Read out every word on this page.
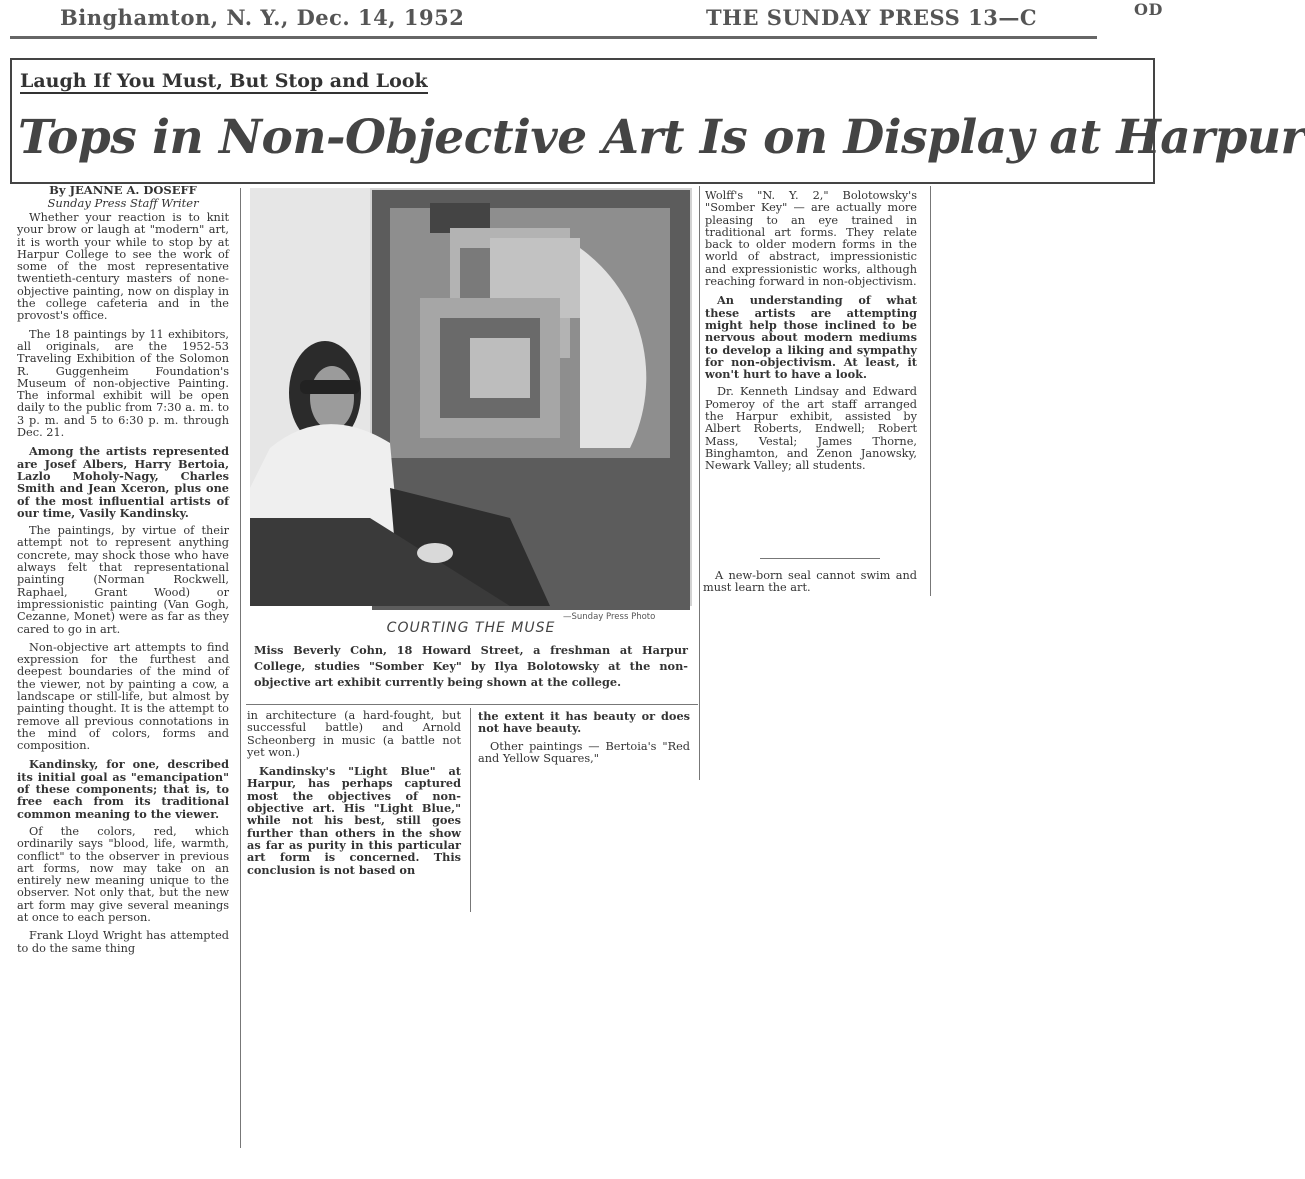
Binghamton, N. Y., Dec. 14, 1952	THE SUNDAY PRESS 13—C	OD
Laugh If You Must, But Stop and Look
Tops in Non-Objective Art Is on Display at Harpur
By JEANNE A. DOSEFF
Sunday Press Staff Writer

Whether your reaction is to knit your brow or laugh at "modern" art, it is worth your while to stop by at Harpur College to see the work of some of the most representative twentieth-century masters of none-objective painting, now on display in the college cafeteria and in the provost's office.

The 18 paintings by 11 exhibitors, all originals, are the 1952-53 Traveling Exhibition of the Solomon R. Guggenheim Foundation's Museum of non-objective Painting. The informal exhibit will be open daily to the public from 7:30 a. m. to 3 p. m. and 5 to 6:30 p. m. through Dec. 21.

Among the artists represented are Josef Albers, Harry Bertoia, Lazlo Moholy-Nagy, Charles Smith and Jean Xceron, plus one of the most influential artists of our time, Vasily Kandinsky.

The paintings, by virtue of their attempt not to represent anything concrete, may shock those who have always felt that representational painting (Norman Rockwell, Raphael, Grant Wood) or impressionistic painting (Van Gogh, Cezanne, Monet) were as far as they cared to go in art.

Non-objective art attempts to find expression for the furthest and deepest boundaries of the mind of the viewer, not by painting a cow, a landscape or still-life, but almost by painting thought. It is the attempt to remove all previous connotations in the mind of colors, forms and composition.

Kandinsky, for one, described its initial goal as "emancipation" of these components; that is, to free each from its traditional common meaning to the viewer.

Of the colors, red, which ordinarily says "blood, life, warmth, conflict" to the observer in previous art forms, now may take on an entirely new meaning unique to the observer. Not only that, but the new art form may give several meanings at once to each person.

Frank Lloyd Wright has attempted to do the same thing

—Sunday Press Photo
COURTING THE MUSE
Miss Beverly Cohn, 18 Howard Street, a freshman at Harpur College, studies "Somber Key" by Ilya Bolotowsky at the non-objective art exhibit currently being shown at the college.

in architecture (a hard-fought, but successful battle) and Arnold Scheonberg in music (a battle not yet won.)

Kandinsky's "Light Blue" at Harpur, has perhaps captured most the objectives of non-objective art. His "Light Blue," while not his best, still goes further than others in the show as far as purity in this particular art form is concerned. This conclusion is not based on

the extent it has beauty or does not have beauty.

Other paintings — Bertoia's "Red and Yellow Squares,"

Wolff's "N. Y. 2," Bolotowsky's "Somber Key" — are actually more pleasing to an eye trained in traditional art forms. They relate back to older modern forms in the world of abstract, impressionistic and expressionistic works, although reaching forward in non-objectivism.

An understanding of what these artists are attempting might help those inclined to be nervous about modern mediums to develop a liking and sympathy for non-objectivism. At least, it won't hurt to have a look.

Dr. Kenneth Lindsay and Edward Pomeroy of the art staff arranged the Harpur exhibit, assisted by Albert Roberts, Endwell; Robert Mass, Vestal; James Thorne, Binghamton, and Zenon Janowsky, Newark Valley; all students.

A new-born seal cannot swim and must learn the art.
